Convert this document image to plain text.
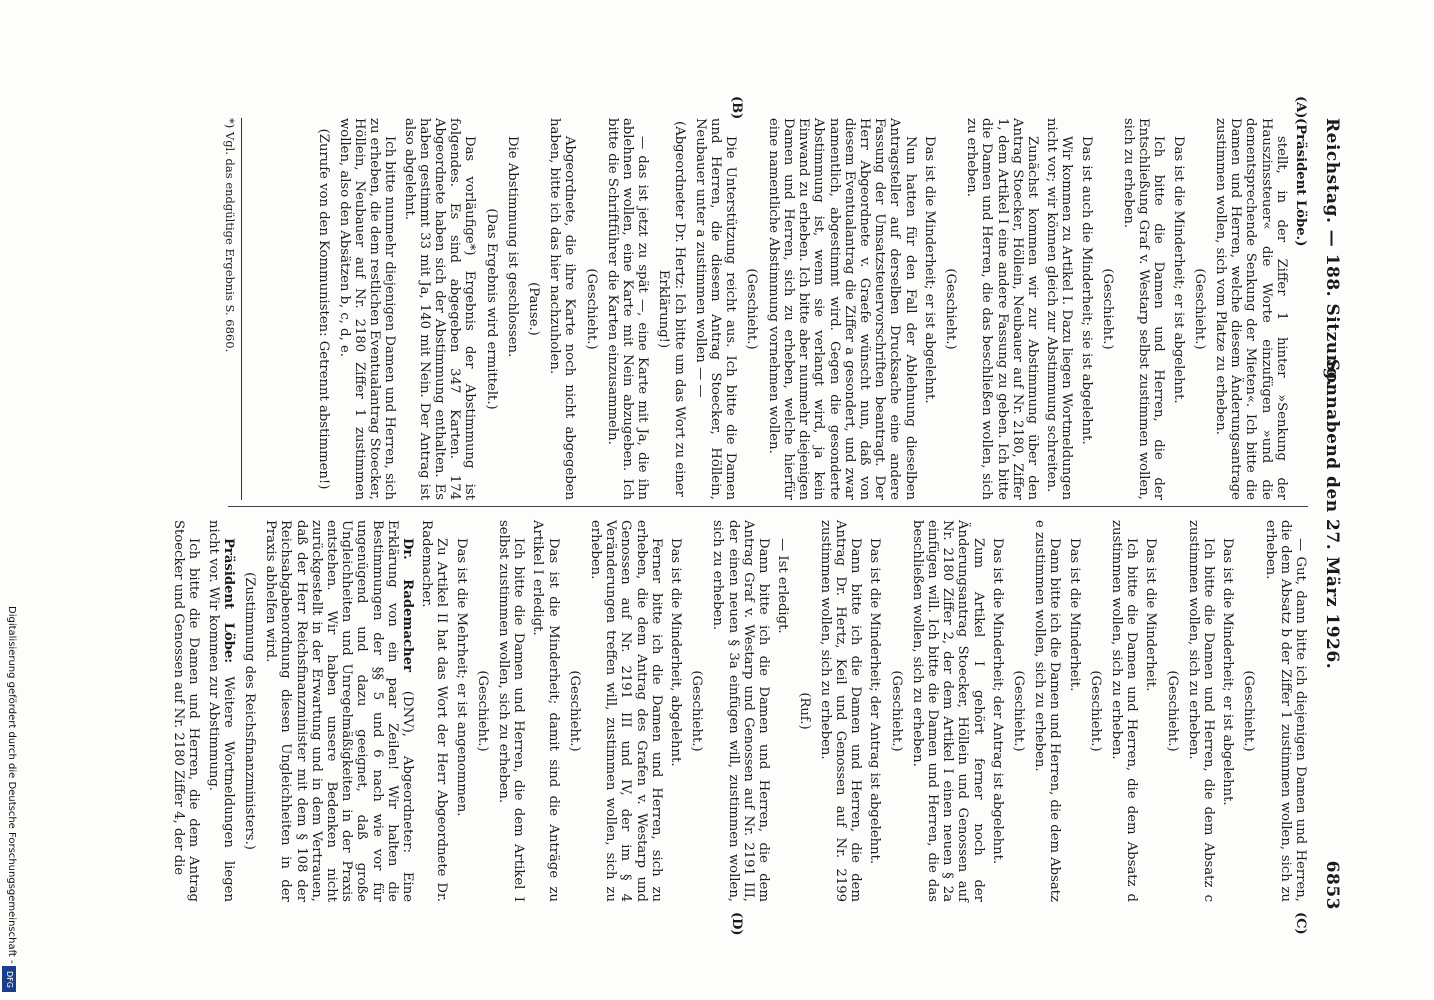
Reichstag. — 188. Sitzung.
Sonnabend den 27. März 1926.
6853
(A)
(B)
(C)
(D)

(Präsident Löbe.)

stellt, in der Ziffer 1 hinter »Senkung der Hauszinssteuer« die Worte einzufügen »und die dementsprechende Senkung der Mieten«. Ich bitte die Damen und Herren, welche diesem Änderungsantrage zustimmen wollen, sich vom Platze zu erheben.

(Geschieht.)

Das ist die Minderheit; er ist abgelehnt.

Ich bitte die Damen und Herren, die der Entschließung Graf v. Westarp selbst zustimmen wollen, sich zu erheben.

(Geschieht.)

Das ist auch die Minderheit; sie ist abgelehnt.

Wir kommen zu Artikel I. Dazu liegen Wortmeldungen nicht vor; wir können gleich zur Abstimmung schreiten.

Zunächst kommen wir zur Abstimmung über den Antrag Stoecker, Höllein, Neubauer auf Nr. 2180, Ziffer 1, dem Artikel I eine andere Fassung zu geben. Ich bitte die Damen und Herren, die das beschließen wollen, sich zu erheben.

(Geschieht.)

Das ist die Minderheit; er ist abgelehnt.

Nun hatten für den Fall der Ablehnung dieselben Antragsteller auf derselben Drucksache eine andere Fassung der Umsatzsteuervorschriften beantragt. Der Herr Abgeordnete v. Graefe wünscht nun, daß von diesem Eventualantrag die Ziffer a gesondert, und zwar namentlich, abgestimmt wird. Gegen die gesonderte Abstimmung ist, wenn sie verlangt wird, ja kein Einwand zu erheben. Ich bitte aber nunmehr diejenigen Damen und Herren, sich zu erheben, welche hierfür eine namentliche Abstimmung vornehmen wollen.

(Geschieht.)

Die Unterstützung reicht aus. Ich bitte die Damen und Herren, die diesem Antrag Stoecker, Höllein, Neubauer unter a zustimmen wollen — —

(Abgeordneter Dr. Hertz: Ich bitte um das Wort zu einer Erklärung!)

— das ist jetzt zu spät —, eine Karte mit Ja, die ihn ablehnen wollen, eine Karte mit Nein abzugeben. Ich bitte die Schriftführer die Karten einzusammeln.

(Geschieht.)

Abgeordnete, die ihre Karte noch nicht abgegeben haben, bitte ich das hier nachzuholen.

(Pause.)

Die Abstimmung ist geschlossen.

(Das Ergebnis wird ermittelt.)

Das vorläufige*) Ergebnis der Abstimmung ist folgendes. Es sind abgegeben 347 Karten. 174 Abgeordnete haben sich der Abstimmung enthalten. Es haben gestimmt 33 mit Ja, 140 mit Nein. Der Antrag ist also abgelehnt.

Ich bitte nunmehr diejenigen Damen und Herren, sich zu erheben, die dem restlichen Eventualantrag Stoecker, Höllein, Neubauer auf Nr. 2180 Ziffer 1 zustimmen wollen, also den Absätzen b, c, d, e.

(Zurufe von den Kommunisten: Getrennt abstimmen!)

— Gut, dann bitte ich diejenigen Damen und Herren, die dem Absatz b der Ziffer 1 zustimmen wollen, sich zu erheben.

(Geschieht.)

Das ist die Minderheit; er ist abgelehnt.

Ich bitte die Damen und Herren, die dem Absatz c zustimmen wollen, sich zu erheben.

(Geschieht.)

Das ist die Minderheit.

Ich bitte die Damen und Herren, die dem Absatz d zustimmen wollen, sich zu erheben.

(Geschieht.)

Das ist die Minderheit.

Dann bitte ich die Damen und Herren, die dem Absatz e zustimmen wollen, sich zu erheben.

(Geschieht.)

Das ist die Minderheit; der Antrag ist abgelehnt.

Zum Artikel I gehört ferner noch der Änderungsantrag Stoecker, Höllein und Genossen auf Nr. 2180 Ziffer 2, der dem Artikel I einen neuen § 2a einfügen will. Ich bitte die Damen und Herren, die das beschließen wollen, sich zu erheben.

(Geschieht.)

Das ist die Minderheit; der Antrag ist abgelehnt.

Dann bitte ich die Damen und Herren, die dem Antrag Dr. Hertz, Keil und Genossen auf Nr. 2199 zustimmen wollen, sich zu erheben.

(Ruf.)

— Ist erledigt.

Dann bitte ich die Damen und Herren, die dem Antrag Graf v. Westarp und Genossen auf Nr. 2191 III, der einen neuen § 3a einfügen will, zustimmen wollen, sich zu erheben.

(Geschieht.)

Das ist die Minderheit, abgelehnt.

Ferner bitte ich die Damen und Herren, sich zu erheben, die dem Antrag des Grafen v. Westarp und Genossen auf Nr. 2191 III und IV, der im § 4 Veränderungen treffen will, zustimmen wollen, sich zu erheben.

(Geschieht.)

Das ist die Minderheit; damit sind die Anträge zu Artikel I erledigt.

Ich bitte die Damen und Herren, die dem Artikel I selbst zustimmen wollen, sich zu erheben.

(Geschieht.)

Das ist die Mehrheit; er ist angenommen.

Zu Artikel II hat das Wort der Herr Abgeordnete Dr. Rademacher.

Dr. Rademacher (DNV), Abgeordneter: Eine Erklärung von ein paar Zeilen! Wir halten die Bestimmungen der §§ 5 und 6 nach wie vor für ungenügend und dazu geeignet, daß große Ungleichheiten und Unregelmäßigkeiten in der Praxis entstehen. Wir haben unsere Bedenken nicht zurückgestellt in der Erwartung und in dem Vertrauen, daß der Herr Reichsfinanzminister mit dem § 108 der Reichsabgabenordnung diesen Ungleichheiten in der Praxis abhelfen wird.

(Zustimmung des Reichsfinanzministers.)

Präsident Löbe: Weitere Wortmeldungen liegen nicht vor. Wir kommen zur Abstimmung.

Ich bitte die Damen und Herren, die dem Antrag Stoecker und Genossen auf Nr. 2180 Ziffer 4, der die

*) Vgl. das endgültige Ergebnis S. 6860.
Digitalisierung gefördert durch die Deutsche Forschungsgemeinschaft -
DFG
